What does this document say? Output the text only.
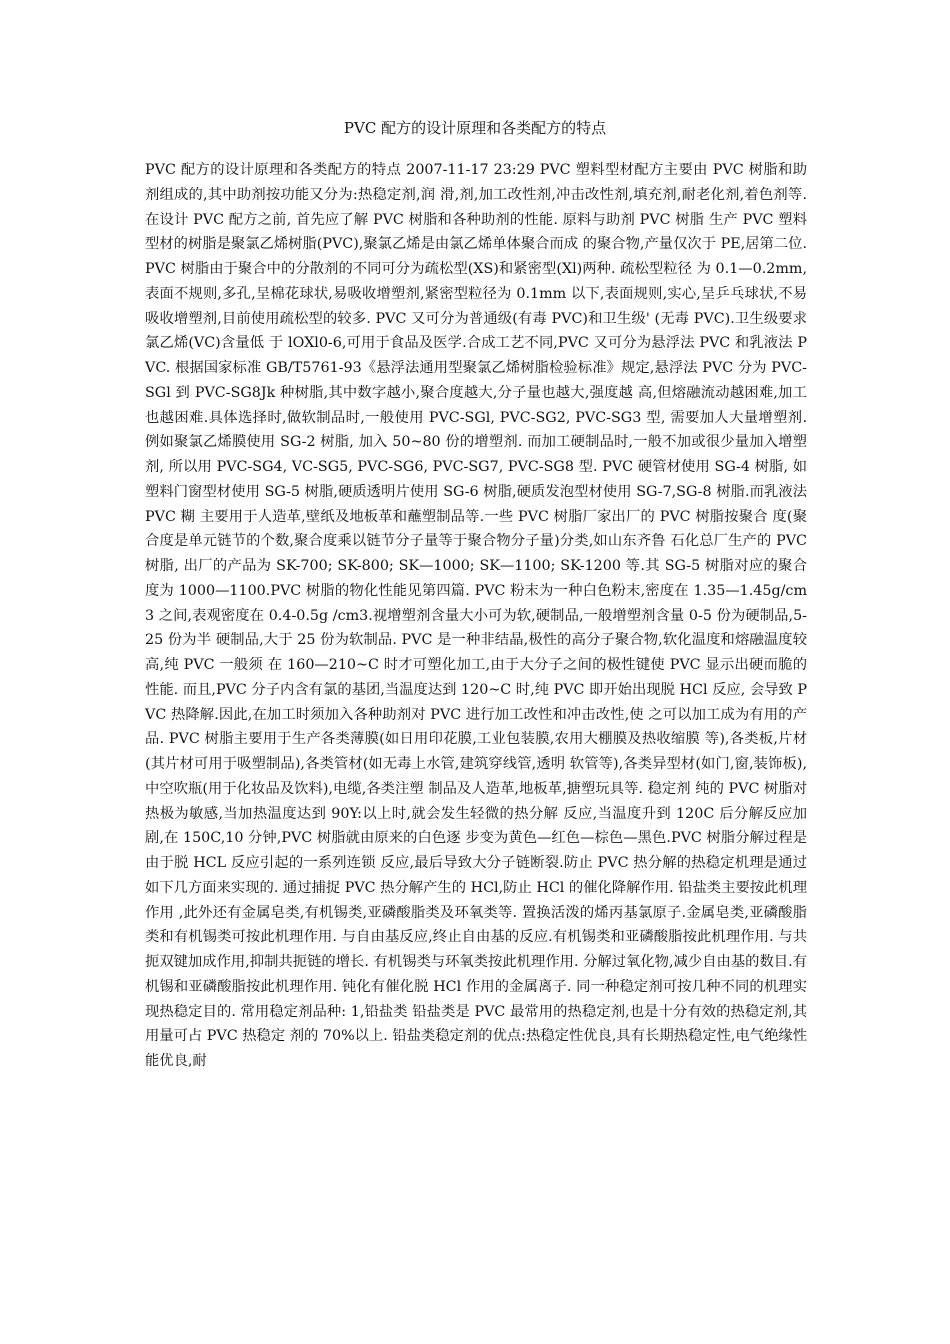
PVC 配方的设计原理和各类配方的特点

PVC 配方的设计原理和各类配方的特点 2007-11-17 23:29 PVC 塑料型材配方主要由 PVC 树脂和助剂组成的,其中助剂按功能又分为:热稳定剂,润 滑,剂,加工改性剂,冲击改性剂,填充剂,耐老化剂,着色剂等.在设计 PVC 配方之前, 首先应了解 PVC 树脂和各种助剂的性能. 原料与助剂 PVC 树脂 生产 PVC 塑料型材的树脂是聚氯乙烯树脂(PVC),聚氯乙烯是由氯乙烯单体聚合而成 的聚合物,产量仅次于 PE,居第二位. PVC 树脂由于聚合中的分散剂的不同可分为疏松型(XS)和紧密型(Xl)两种. 疏松型粒径 为 0.1—0.2mm,表面不规则,多孔,呈棉花球状,易吸收增塑剂,紧密型粒径为 0.1mm 以下,表面规则,实心,呈乒乓球状,不易吸收增塑剂,目前使用疏松型的较多. PVC 又可分为普通级(有毒 PVC)和卫生级' (无毒 PVC).卫生级要求氯乙烯(VC)含量低 于 lOXl0-6,可用于食品及医学.合成工艺不同,PVC 又可分为悬浮法 PVC 和乳液法 PVC. 根据国家标准 GB/T5761-93《悬浮法通用型聚氯乙烯树脂检验标准》规定,悬浮法 PVC 分为 PVC-SGl 到 PVC-SG8Jk 种树脂,其中数字越小,聚合度越大,分子量也越大,强度越 高,但熔融流动越困难,加工也越困难.具体选择时,做软制品时,一般使用 PVC-SGl, PVC-SG2, PVC-SG3 型, 需要加人大量增塑剂. 例如聚氯乙烯膜使用 SG-2 树脂, 加入 50~80 份的增塑剂. 而加工硬制品时,一般不加或很少量加入增塑剂, 所以用 PVC-SG4, VC-SG5, PVC-SG6, PVC-SG7, PVC-SG8 型. PVC 硬管材使用 SG-4 树脂, 如 塑料门窗型材使用 SG-5 树脂,硬质透明片使用 SG-6 树脂,硬质发泡型材使用 SG-7,SG-8 树脂.而乳液法 PVC 糊 主要用于人造革,壁纸及地板革和蘸塑制品等.一些 PVC 树脂厂家出厂的 PVC 树脂按聚合 度(聚合度是单元链节的个数,聚合度乘以链节分子量等于聚合物分子量)分类,如山东齐鲁 石化总厂生产的 PVC 树脂, 出厂的产品为 SK-700; SK-800; SK—1000; SK—1100; SK-1200 等.其 SG-5 树脂对应的聚合度为 1000—1100.PVC 树脂的物化性能见第四篇. PVC 粉末为一种白色粉末,密度在 1.35—1.45g/cm3 之间,表观密度在 0.4-0.5g /cm3.视增塑剂含量大小可为软,硬制品,一般增塑剂含量 0-5 份为硬制品,5-25 份为半 硬制品,大于 25 份为软制品. PVC 是一种非结晶,极性的高分子聚合物,软化温度和熔融温度较高,纯 PVC 一般须 在 160—210~C 时才可塑化加工,由于大分子之间的极性键使 PVC 显示出硬而脆的性能. 而且,PVC 分子内含有氯的基团,当温度达到 120~C 时,纯 PVC 即开始出现脱 HCl 反应, 会导致 PVC 热降解.因此,在加工时须加入各种助剂对 PVC 进行加工改性和冲击改性,使 之可以加工成为有用的产品. PVC 树脂主要用于生产各类薄膜(如日用印花膜,工业包装膜,农用大棚膜及热收缩膜 等),各类板,片材(其片材可用于吸塑制品),各类管材(如无毒上水管,建筑穿线管,透明 软管等),各类异型材(如门,窗,装饰板),中空吹瓶(用于化妆品及饮料),电缆,各类注塑 制品及人造革,地板革,搪塑玩具等. 稳定剂 纯的 PVC 树脂对热极为敏感,当加热温度达到 90Y:以上时,就会发生轻微的热分解 反应,当温度升到 120C 后分解反应加剧,在 150C,10 分钟,PVC 树脂就由原来的白色逐 步变为黄色—红色—棕色—黑色.PVC 树脂分解过程是由于脱 HCL 反应引起的一系列连锁 反应,最后导致大分子链断裂.防止 PVC 热分解的热稳定机理是通过如下几方面来实现的. 通过捕捉 PVC 热分解产生的 HCl,防止 HCl 的催化降解作用. 铅盐类主要按此机理作用 ,此外还有金属皂类,有机锡类,亚磷酸脂类及环氧类等. 置换活泼的烯丙基氯原子.金属皂类,亚磷酸脂类和有机锡类可按此机理作用. 与自由基反应,终止自由基的反应.有机锡类和亚磷酸脂按此机理作用. 与共扼双键加成作用,抑制共扼链的增长. 有机锡类与环氧类按此机理作用. 分解过氧化物,减少自由基的数目.有机锡和亚磷酸脂按此机理作用. 钝化有催化脱 HCl 作用的金属离子. 同一种稳定剂可按几种不同的机理实现热稳定目的. 常用稳定剂品种: 1,铅盐类 铅盐类是 PVC 最常用的热稳定剂,也是十分有效的热稳定剂,其用量可占 PVC 热稳定 剂的 70%以上. 铅盐类稳定剂的优点:热稳定性优良,具有长期热稳定性,电气绝缘性能优良,耐
